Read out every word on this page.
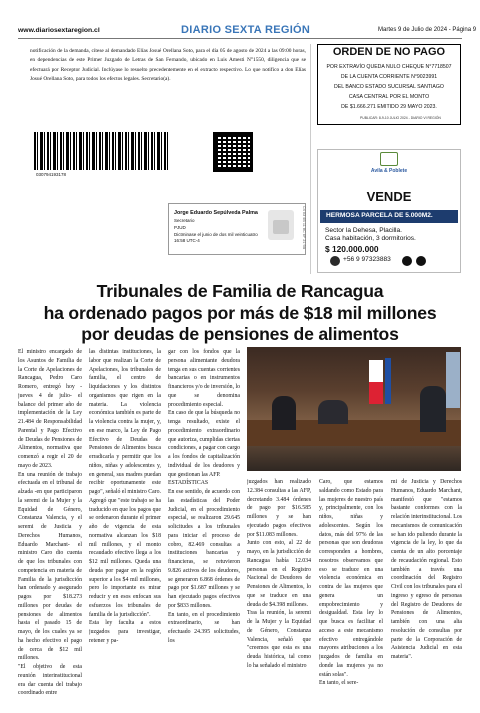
www.diariosextaregion.cl	DIARIO SEXTA REGIÓN	Martes 9 de Julio de 2024 - Página 9
notificación de la demanda, cítese al demandado Elías Josué Orellana Soto, para el día 05 de agosto de 2024 a las 09:00 horas, en dependencias de este Primer Juzgado de Letras de San Fernando, ubicado en Luis Amesti N°1550, diligencia que se efectuará por Receptor Judicial. Inclúyase lo resuelto precedentemente en el extracto respectivo. Lo que notifico a don Elías Josué Orellana Soto, para todos los efectos legales. Secretario(a).
030794193178
Jorge Eduardo Sepúlveda Palma
Secretario
PJUD
Dictminase el junio de dos mil veinticuatro
16:58 UTC-4	C4 03 4B 11 8C 6F 21 9A
ORDEN DE NO PAGO
POR EXTRAVÍO QUEDA NULO CHEQUE N°7718507
DE LA CUENTA CORRIENTE N°9023991
DEL BANCO ESTADO SUCURSAL SANTIAGO
CASA CENTRAL POR EL MONTO
DE $1.666.271 EMITIDO 29 MAYO 2023.
PUBLICAR: 8-9-10 JULIO 2024 - DIARIO VI REGIÓN
Avila & Poblete
VENDE
HERMOSA PARCELA DE 5.000M2.
Sector la Dehesa, Placilla.
Casa habitación, 3 dormitorios.
$ 120.000.000
+56 9 97323883
Tribunales de Familia de Rancagua
ha ordenado pagos por más de $18 mil millones
por deudas de pensiones de alimentos
El ministro encargado de los Asuntos de Familia de la Corte de Apelaciones de Rancagua, Pedro Caro Romero, entregó hoy -jueves 4 de julio- el balance del primer año de implementación de la Ley 21.484 de Responsabilidad Parental y Pago Efectivo de Deudas de Pensiones de Alimentos, normativa que comenzó a regir el 20 de mayo de 2023.
En una reunión de trabajo efectuada en el tribunal de alzada -en que participaron la seremi de la Mujer y la Equidad de Género, Constanza Valencia, y el seremi de Justicia y Derechos Humanos, Eduardo Marchant- el ministro Caro dio cuenta de que los tribunales con competencia en materia de Familia de la jurisdicción han ordenado y asegurado pagos por $18.273 millones por deudas de pensiones de alimentos hasta el pasado 15 de mayo, de los cuales ya se ha hecho efectivo el pago de cerca de $12 mil millones.
"El objetivo de esta reunión interinstitucional era dar cuenta del trabajo coordinado entre
las distintas instituciones, la labor que realizan la Corte de Apelaciones, los tribunales de familia, el centro de liquidaciones y los distintos organismos que rigen en la materia. La violencia económica también es parte de la violencia contra la mujer, y, en ese marco, la Ley de Pago Efectivo de Deudas de Pensiones de Alimentos busca erradicarla y permitir que los niños, niñas y adolescentes y, en general, sus madres puedan recibir oportunamente este pago", señaló el ministro Caro.
Agregó que "este trabajo se ha traducido en que los pagos que se ordenaron durante el primer año de vigencia de esta normativa alcanzan los $18 mil millones, y el monto recaudado efectivo llega a los $12 mil millones. Queda una deuda por pagar en la región superior a los $4 mil millones, pero lo importante es mirar reducir y en esos enfocan sus esfuerzos los tribunales de familia de la jurisdicción".
Esta ley faculta a estos juzgados para investigar, retener y pa-
gar con los fondos que la persona alimentante deudora tenga en sus cuentas corrientes bancarias o en instrumentos financieros y/o de inversión, lo que se denomina procedimiento especial.
En caso de que la búsqueda no tenga resultado, existe el procedimiento extraordinario que autoriza, cumplidas ciertas condiciones, a pagar con cargo a los fondos de capitalización individual de los deudores y que gestionan las AFP.
ESTADÍSTICAS
En ese sentido, de acuerdo con las estadísticas del Poder Judicial, en el procedimiento especial, se realizaron 29.645 solicitudes a los tribunales para iniciar el proceso de cobro, 82.469 consultas a instituciones bancarias y financieras, se retuvieron 9.826 activos de los deudores, se generaron 6.868 órdenes de pago por $1.687 millones y se han ejecutado pagos efectivos por $833 millones.
En tanto, en el procedimiento extraordinario, se han efectuado 24.395 solicitudes, los
juzgados han realizado 12.384 consultas a las AFP, decretando 3.484 órdenes de pago por $16.585 millones y se han ejecutado pagos efectivos por $11.083 millones.
Junto con esto, al 22 de mayo, en la jurisdicción de Rancagua había 12.034 personas en el Registro Nacional de Deudores de Pensiones de Alimentos, lo que se traduce en una deuda de $4.398 millones.
Tras la reunión, la seremi de la Mujer y la Equidad de Género, Constanza Valencia, señaló que "creemos que esta es una deuda histórica, tal como lo ha señalado el ministro
Caro, que estamos saldando como Estado para las mujeres de nuestro país y, principalmente, con los niños, niñas y adolescentes. Según los datos, más del 97% de las personas que son deudoras corresponden a hombres, nosotros observamos que eso se traduce en una violencia económica en contra de las mujeres que genera un empobrecimiento y desigualdad. Esta ley lo que busca es facilitar el acceso a este mecanismo efectivo entregándole mayores atribuciones a los juzgados de familia en donde las mujeres ya no están solas".
En tanto, el sere-
mi de Justicia y Derechos Humanos, Eduardo Marchant, manifestó que "estamos bastante conformes con la relación interinstitucional. Los mecanismos de comunicación se han ido puliendo durante la vigencia de la ley, lo que da cuenta de un alto porcentaje de recaudación regional. Esto también a través una coordinación del Registro Civil con los tribunales para el ingreso y egreso de personas del Registro de Deudores de Pensiones de Alimentos, también con una alta resolución de consultas por parte de la Corporación de Asistencia Judicial en esta materia".
